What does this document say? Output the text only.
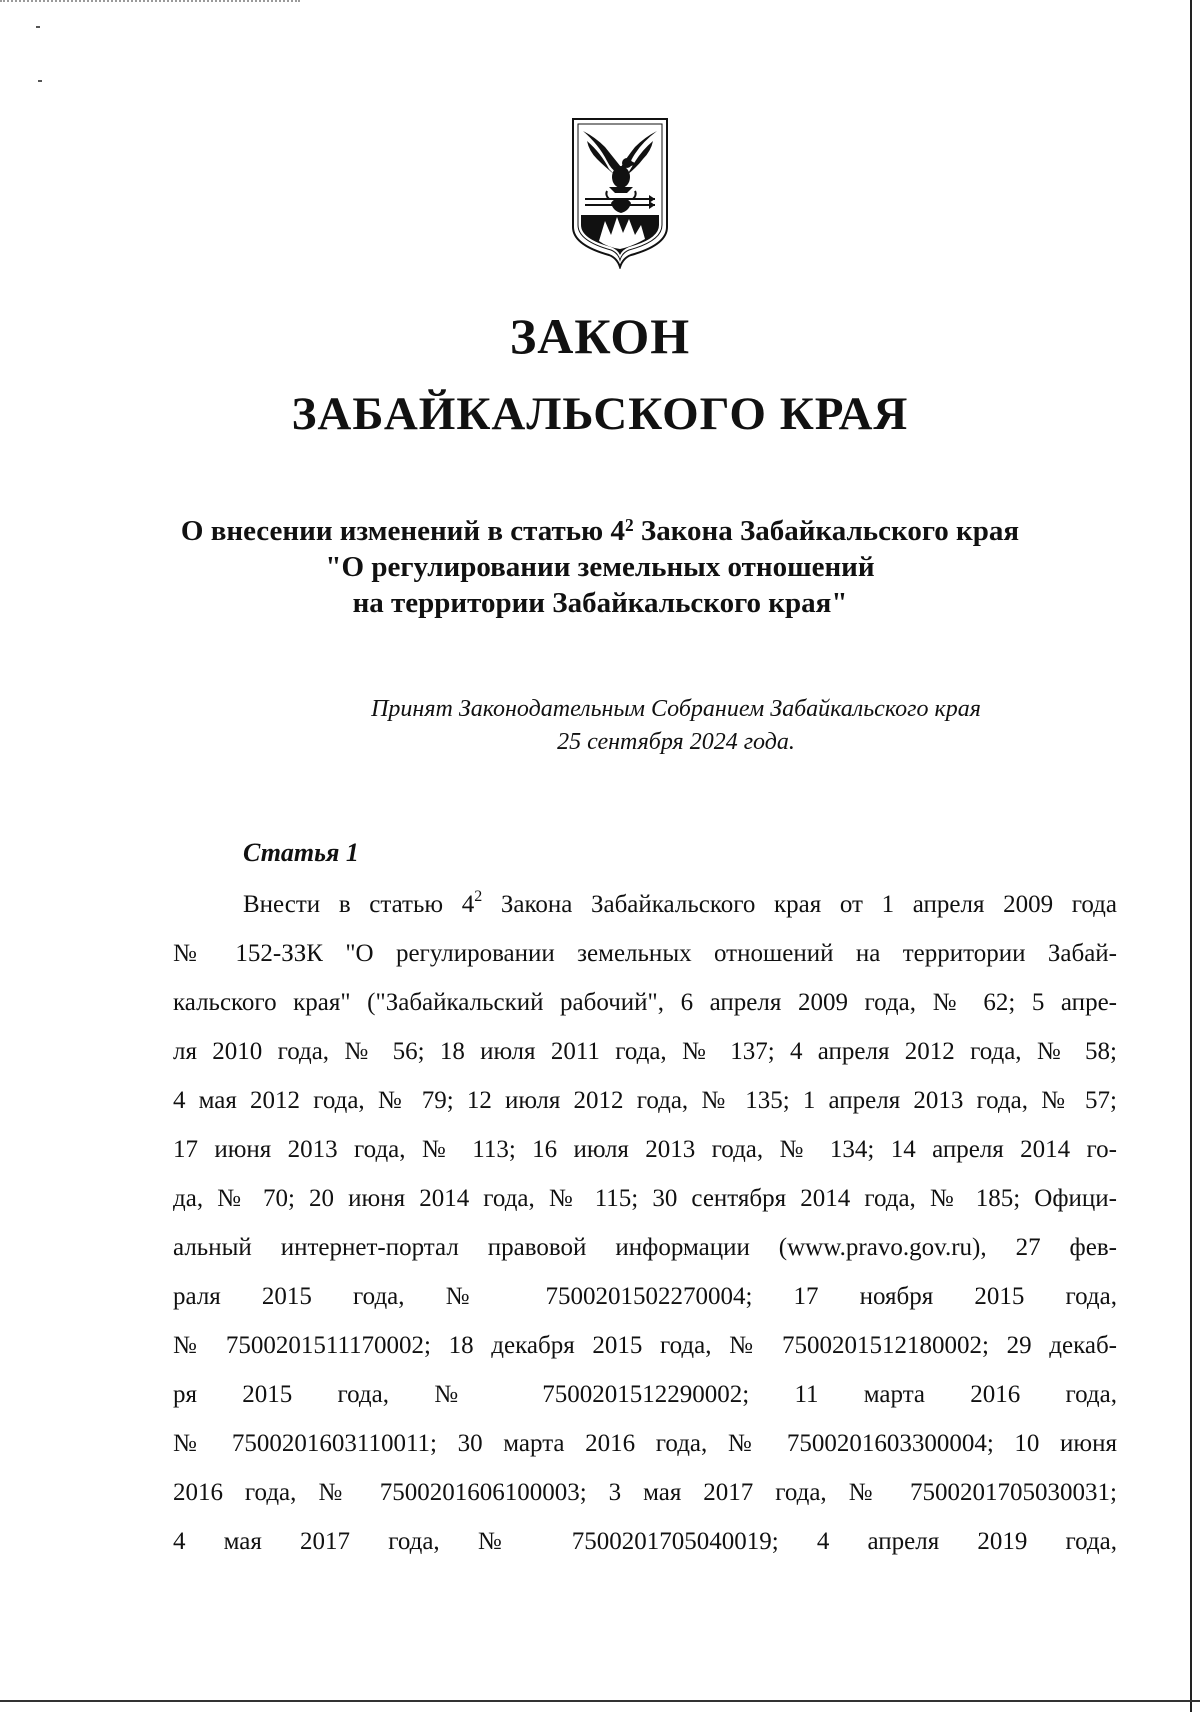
ЗАКОН
ЗАБАЙКАЛЬСКОГО КРАЯ
О внесении изменений в статью $4^2$ Закона Забайкальского края
"О регулировании земельных отношений
на территории Забайкальского края"
Принят Законодательным Собранием Забайкальского края
25 сентября 2024 года.
Статья 1
Внести в статью $4^2$ Закона Забайкальского края от 1 апреля 2009 года
№ 152-ЗЗК "О регулировании земельных отношений на территории Забай-
кальского края" ("Забайкальский рабочий", 6 апреля 2009 года, № 62; 5 апре-
ля 2010 года, № 56; 18 июля 2011 года, № 137; 4 апреля 2012 года, № 58;
4 мая 2012 года, № 79; 12 июля 2012 года, № 135; 1 апреля 2013 года, № 57;
17 июня 2013 года, № 113; 16 июля 2013 года, № 134; 14 апреля 2014 го-
да, № 70; 20 июня 2014 года, № 115; 30 сентября 2014 года, № 185; Офици-
альный интернет-портал правовой информации (www.pravo.gov.ru), 27 фев-
раля 2015 года, № 7500201502270004; 17 ноября 2015 года,
№ 7500201511170002; 18 декабря 2015 года, № 7500201512180002; 29 декаб-
ря 2015 года, № 7500201512290002; 11 марта 2016 года,
№ 7500201603110011; 30 марта 2016 года, № 7500201603300004; 10 июня
2016 года, № 7500201606100003; 3 мая 2017 года, № 7500201705030031;
4 мая 2017 года, № 7500201705040019; 4 апреля 2019 года,
